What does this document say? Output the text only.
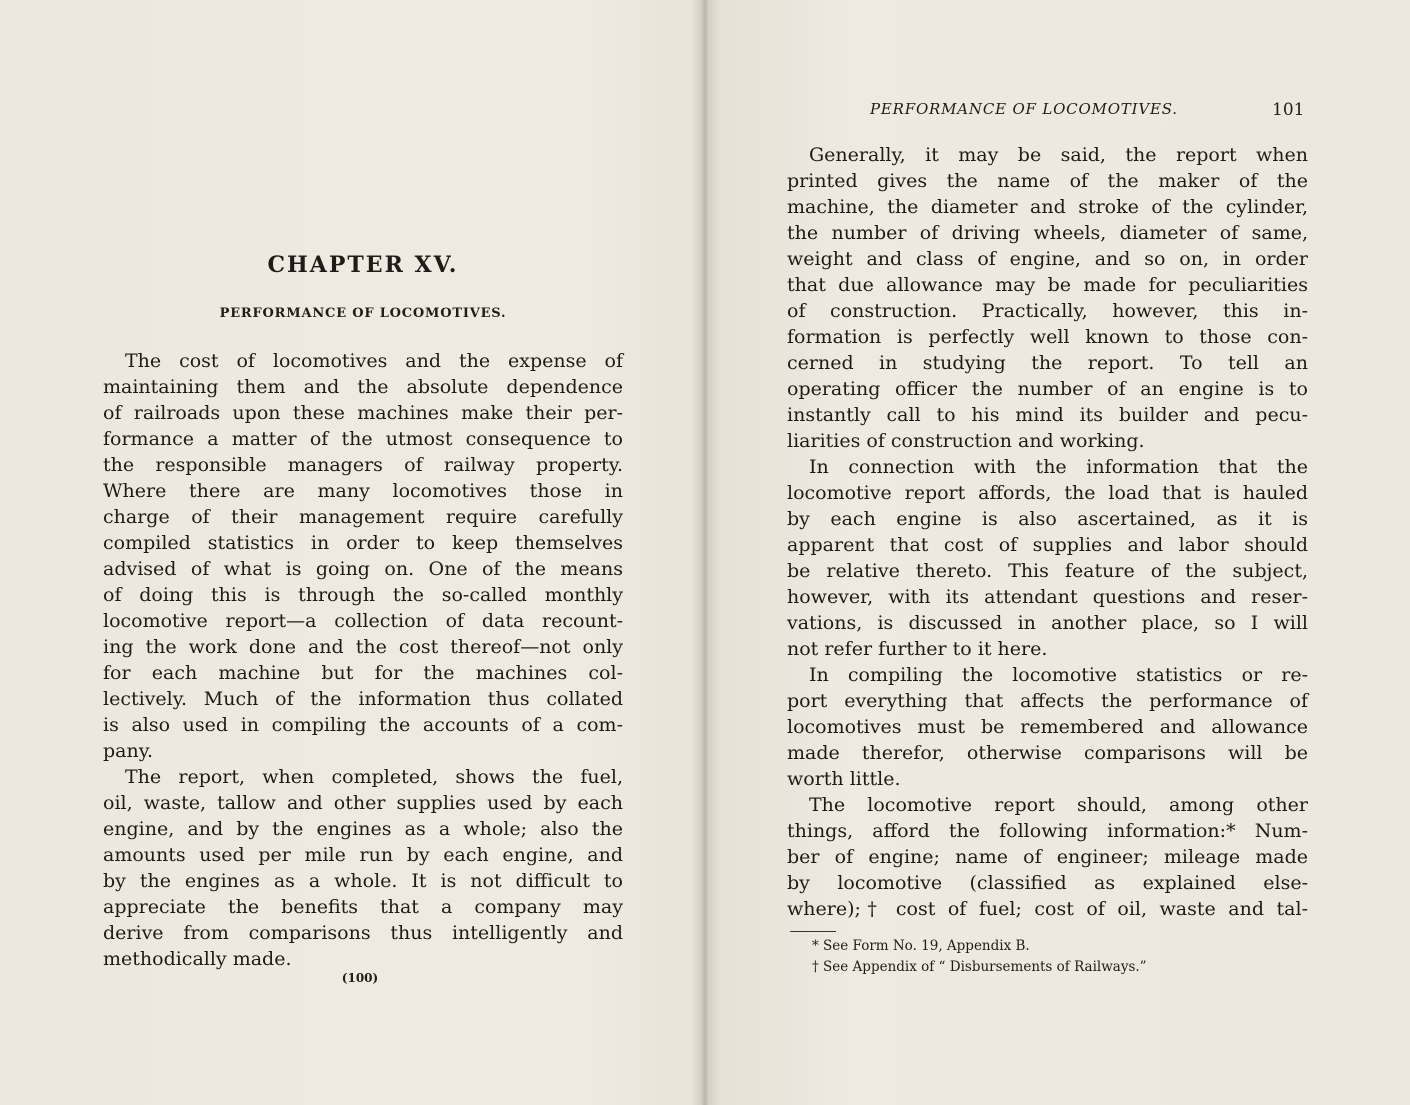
CHAPTER XV.
PERFORMANCE OF LOCOMOTIVES.
(100)
The cost of locomotives and the expense of
maintaining them and the absolute dependence
of railroads upon these machines make their per-
formance a matter of the utmost consequence to
the responsible managers of railway property.
Where there are many locomotives those in
charge of their management require carefully
compiled statistics in order to keep themselves
advised of what is going on. One of the means
of doing this is through the so-called monthly
locomotive report—a collection of data recount-
ing the work done and the cost thereof—not only
for each machine but for the machines col-
lectively. Much of the information thus collated
is also used in compiling the accounts of a com-
pany.
The report, when completed, shows the fuel,
oil, waste, tallow and other supplies used by each
engine, and by the engines as a whole; also the
amounts used per mile run by each engine, and
by the engines as a whole. It is not difficult to
appreciate the benefits that a company may
derive from comparisons thus intelligently and
methodically made.
PERFORMANCE OF LOCOMOTIVES.	101
Generally, it may be said, the report when
printed gives the name of the maker of the
machine, the diameter and stroke of the cylinder,
the number of driving wheels, diameter of same,
weight and class of engine, and so on, in order
that due allowance may be made for peculiarities
of construction. Practically, however, this in-
formation is perfectly well known to those con-
cerned in studying the report. To tell an
operating officer the number of an engine is to
instantly call to his mind its builder and pecu-
liarities of construction and working.
In connection with the information that the
locomotive report affords, the load that is hauled
by each engine is also ascertained, as it is
apparent that cost of supplies and labor should
be relative thereto. This feature of the subject,
however, with its attendant questions and reser-
vations, is discussed in another place, so I will
not refer further to it here.
In compiling the locomotive statistics or re-
port everything that affects the performance of
locomotives must be remembered and allowance
made therefor, otherwise comparisons will be
worth little.
The locomotive report should, among other
things, afford the following information:* Num-
ber of engine; name of engineer; mileage made
by locomotive (classified as explained else-
where);† cost of fuel; cost of oil, waste and tal-
* See Form No. 19, Appendix B.
† See Appendix of “ Disbursements of Railways.”
